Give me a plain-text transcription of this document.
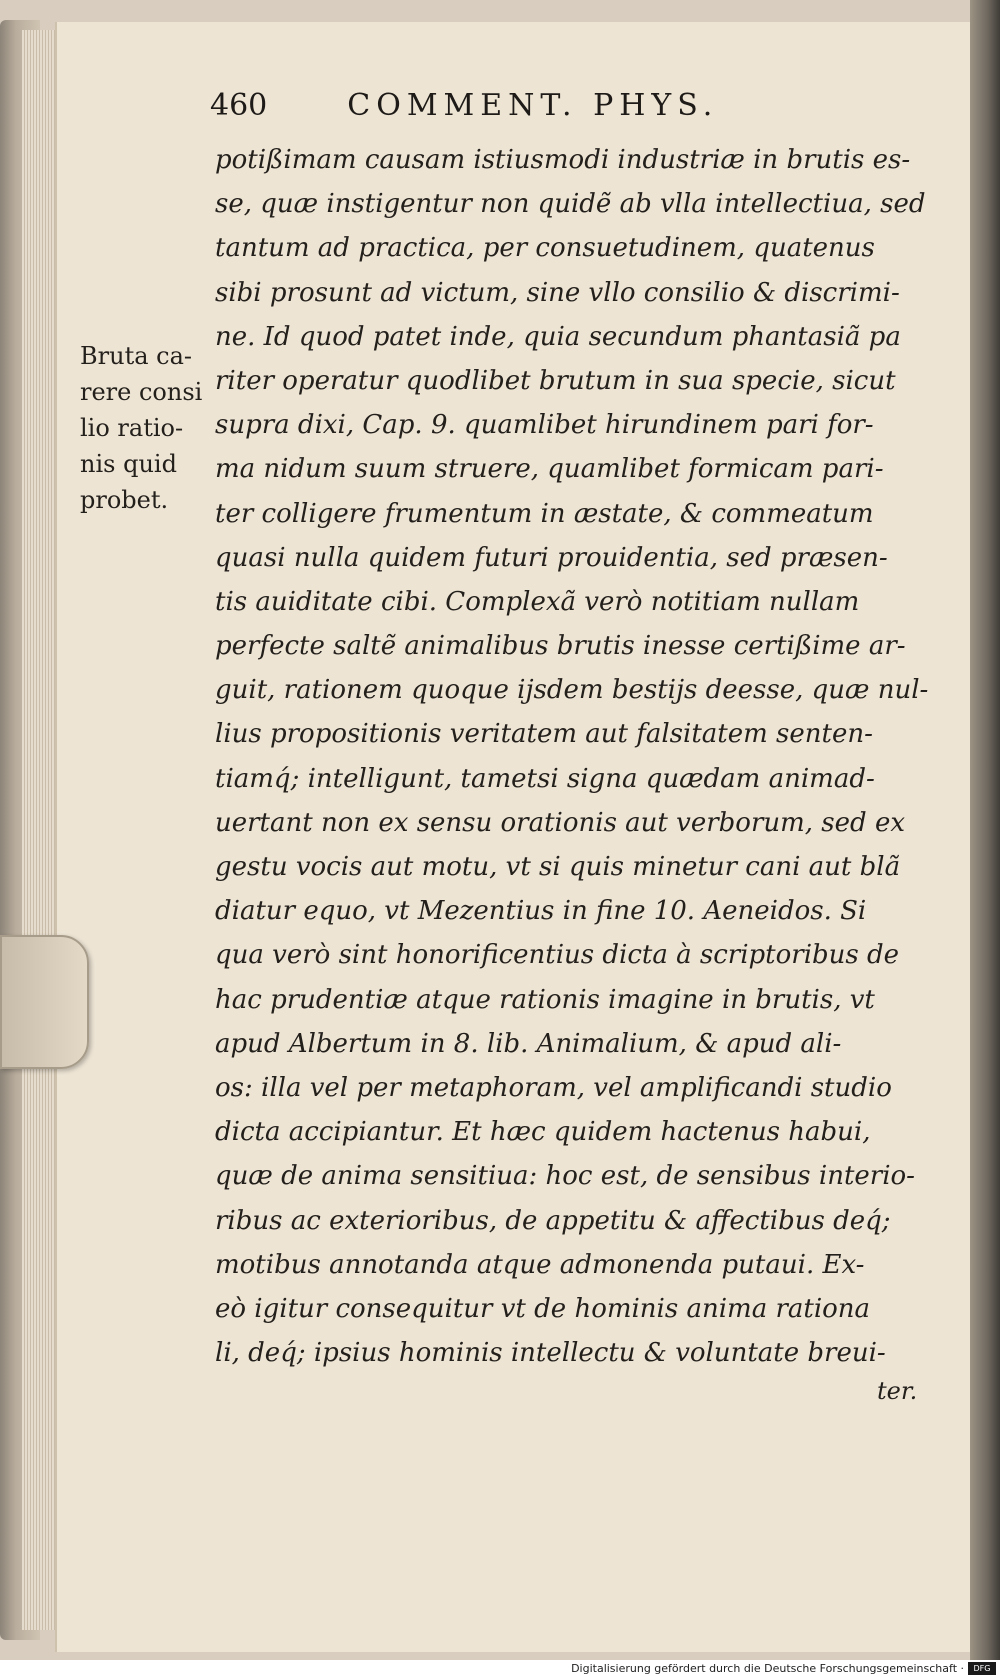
460	COMMENT. PHYS.
Bruta ca-
rere consi
lio ratio-
nis quid
probet.
potißimam causam istiusmodi industriæ in brutis es-
se, quæ instigentur non quidẽ ab vlla intellectiua, sed
tantum ad practica, per consuetudinem, quatenus
sibi prosunt ad victum, sine vllo consilio & discrimi-
ne. Id quod patet inde, quia secundum phantasiã pa
riter operatur quodlibet brutum in sua specie, sicut
supra dixi, Cap. 9. quamlibet hirundinem pari for-
ma nidum suum struere, quamlibet formicam pari-
ter colligere frumentum in æstate, & commeatum
quasi nulla quidem futuri prouidentia, sed præsen-
tis auiditate cibi. Complexã verò notitiam nullam
perfecte saltẽ animalibus brutis inesse certißime ar-
guit, rationem quoque ijsdem bestijs deesse, quæ nul-
lius propositionis veritatem aut falsitatem senten-
tiamq́; intelligunt, tametsi signa quædam animad-
uertant non ex sensu orationis aut verborum, sed ex
gestu vocis aut motu, vt si quis minetur cani aut blã
diatur equo, vt Mezentius in fine 10. Aeneidos. Si
qua verò sint honorificentius dicta à scriptoribus de
hac prudentiæ atque rationis imagine in brutis, vt
apud Albertum in 8. lib. Animalium, & apud ali-
os: illa vel per metaphoram, vel amplificandi studio
dicta accipiantur. Et hæc quidem hactenus habui,
quæ de anima sensitiua: hoc est, de sensibus interio-
ribus ac exterioribus, de appetitu & affectibus deq́;
motibus annotanda atque admonenda putaui. Ex-
eò igitur consequitur vt de hominis anima rationa
li, deq́; ipsius hominis intellectu & voluntate breui-
ter.
Digitalisierung gefördert durch die Deutsche Forschungsgemeinschaft ·	DFG
